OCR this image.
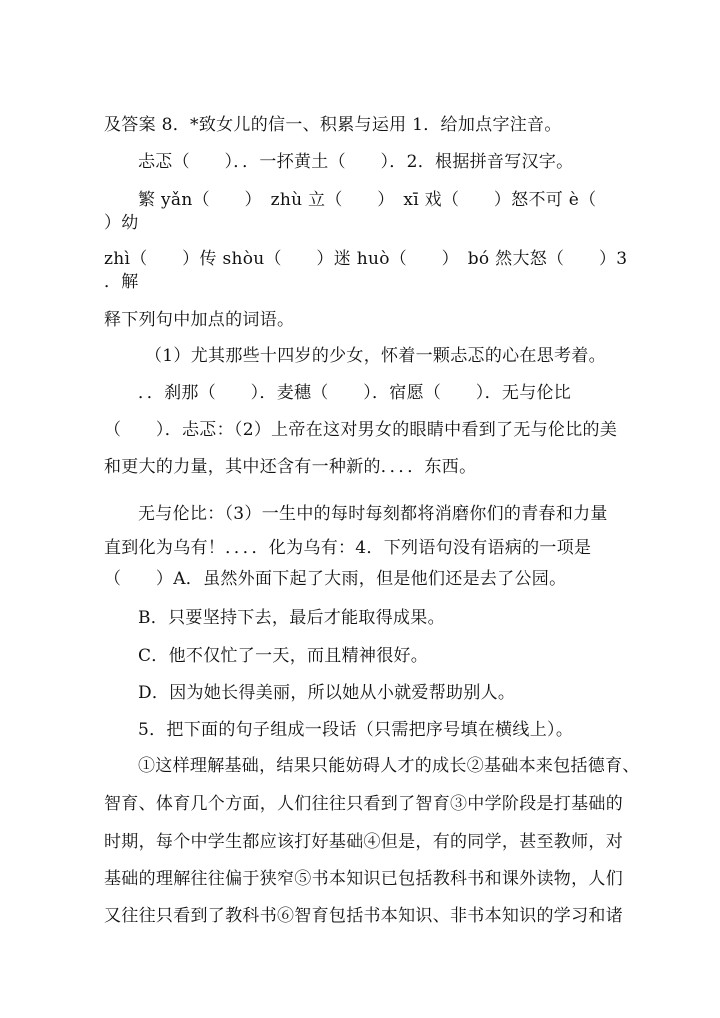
及答案 8．*致女儿的信一、积累与运用 1．给加点字注音。
忐忑（　　）．．一抔黄土（　　）．2．根据拼音写汉字。
繁 yǎn（　　）　zhù 立（　　）　xī 戏（　　）怒不可 è（
）幼
zhì（　　）传 shòu（　　）迷 huò（　　）　bó 然大怒（　　）3
．解
释下列句中加点的词语。
（1）尤其那些十四岁的少女，怀着一颗忐忑的心在思考着。
．．刹那（　　）．麦穗（　　）．宿愿（　　）．无与伦比
（　　）．忐忑：（2）上帝在这对男女的眼睛中看到了无与伦比的美
和更大的力量，其中还含有一种新的．．．．东西。
无与伦比：（3）一生中的每时每刻都将消磨你们的青春和力量
直到化为乌有！．．．．化为乌有：4．下列语句没有语病的一项是
（　　）A．虽然外面下起了大雨，但是他们还是去了公园。
B．只要坚持下去，最后才能取得成果。
C．他不仅忙了一天，而且精神很好。
D．因为她长得美丽，所以她从小就爱帮助别人。
5．把下面的句子组成一段话（只需把序号填在横线上）。
①这样理解基础，结果只能妨碍人才的成长②基础本来包括德育、
智育、体育几个方面，人们往往只看到了智育③中学阶段是打基础的
时期，每个中学生都应该打好基础④但是，有的同学，甚至教师，对
基础的理解往往偏于狭窄⑤书本知识已包括教科书和课外读物，人们
又往往只看到了教科书⑥智育包括书本知识、非书本知识的学习和诸
